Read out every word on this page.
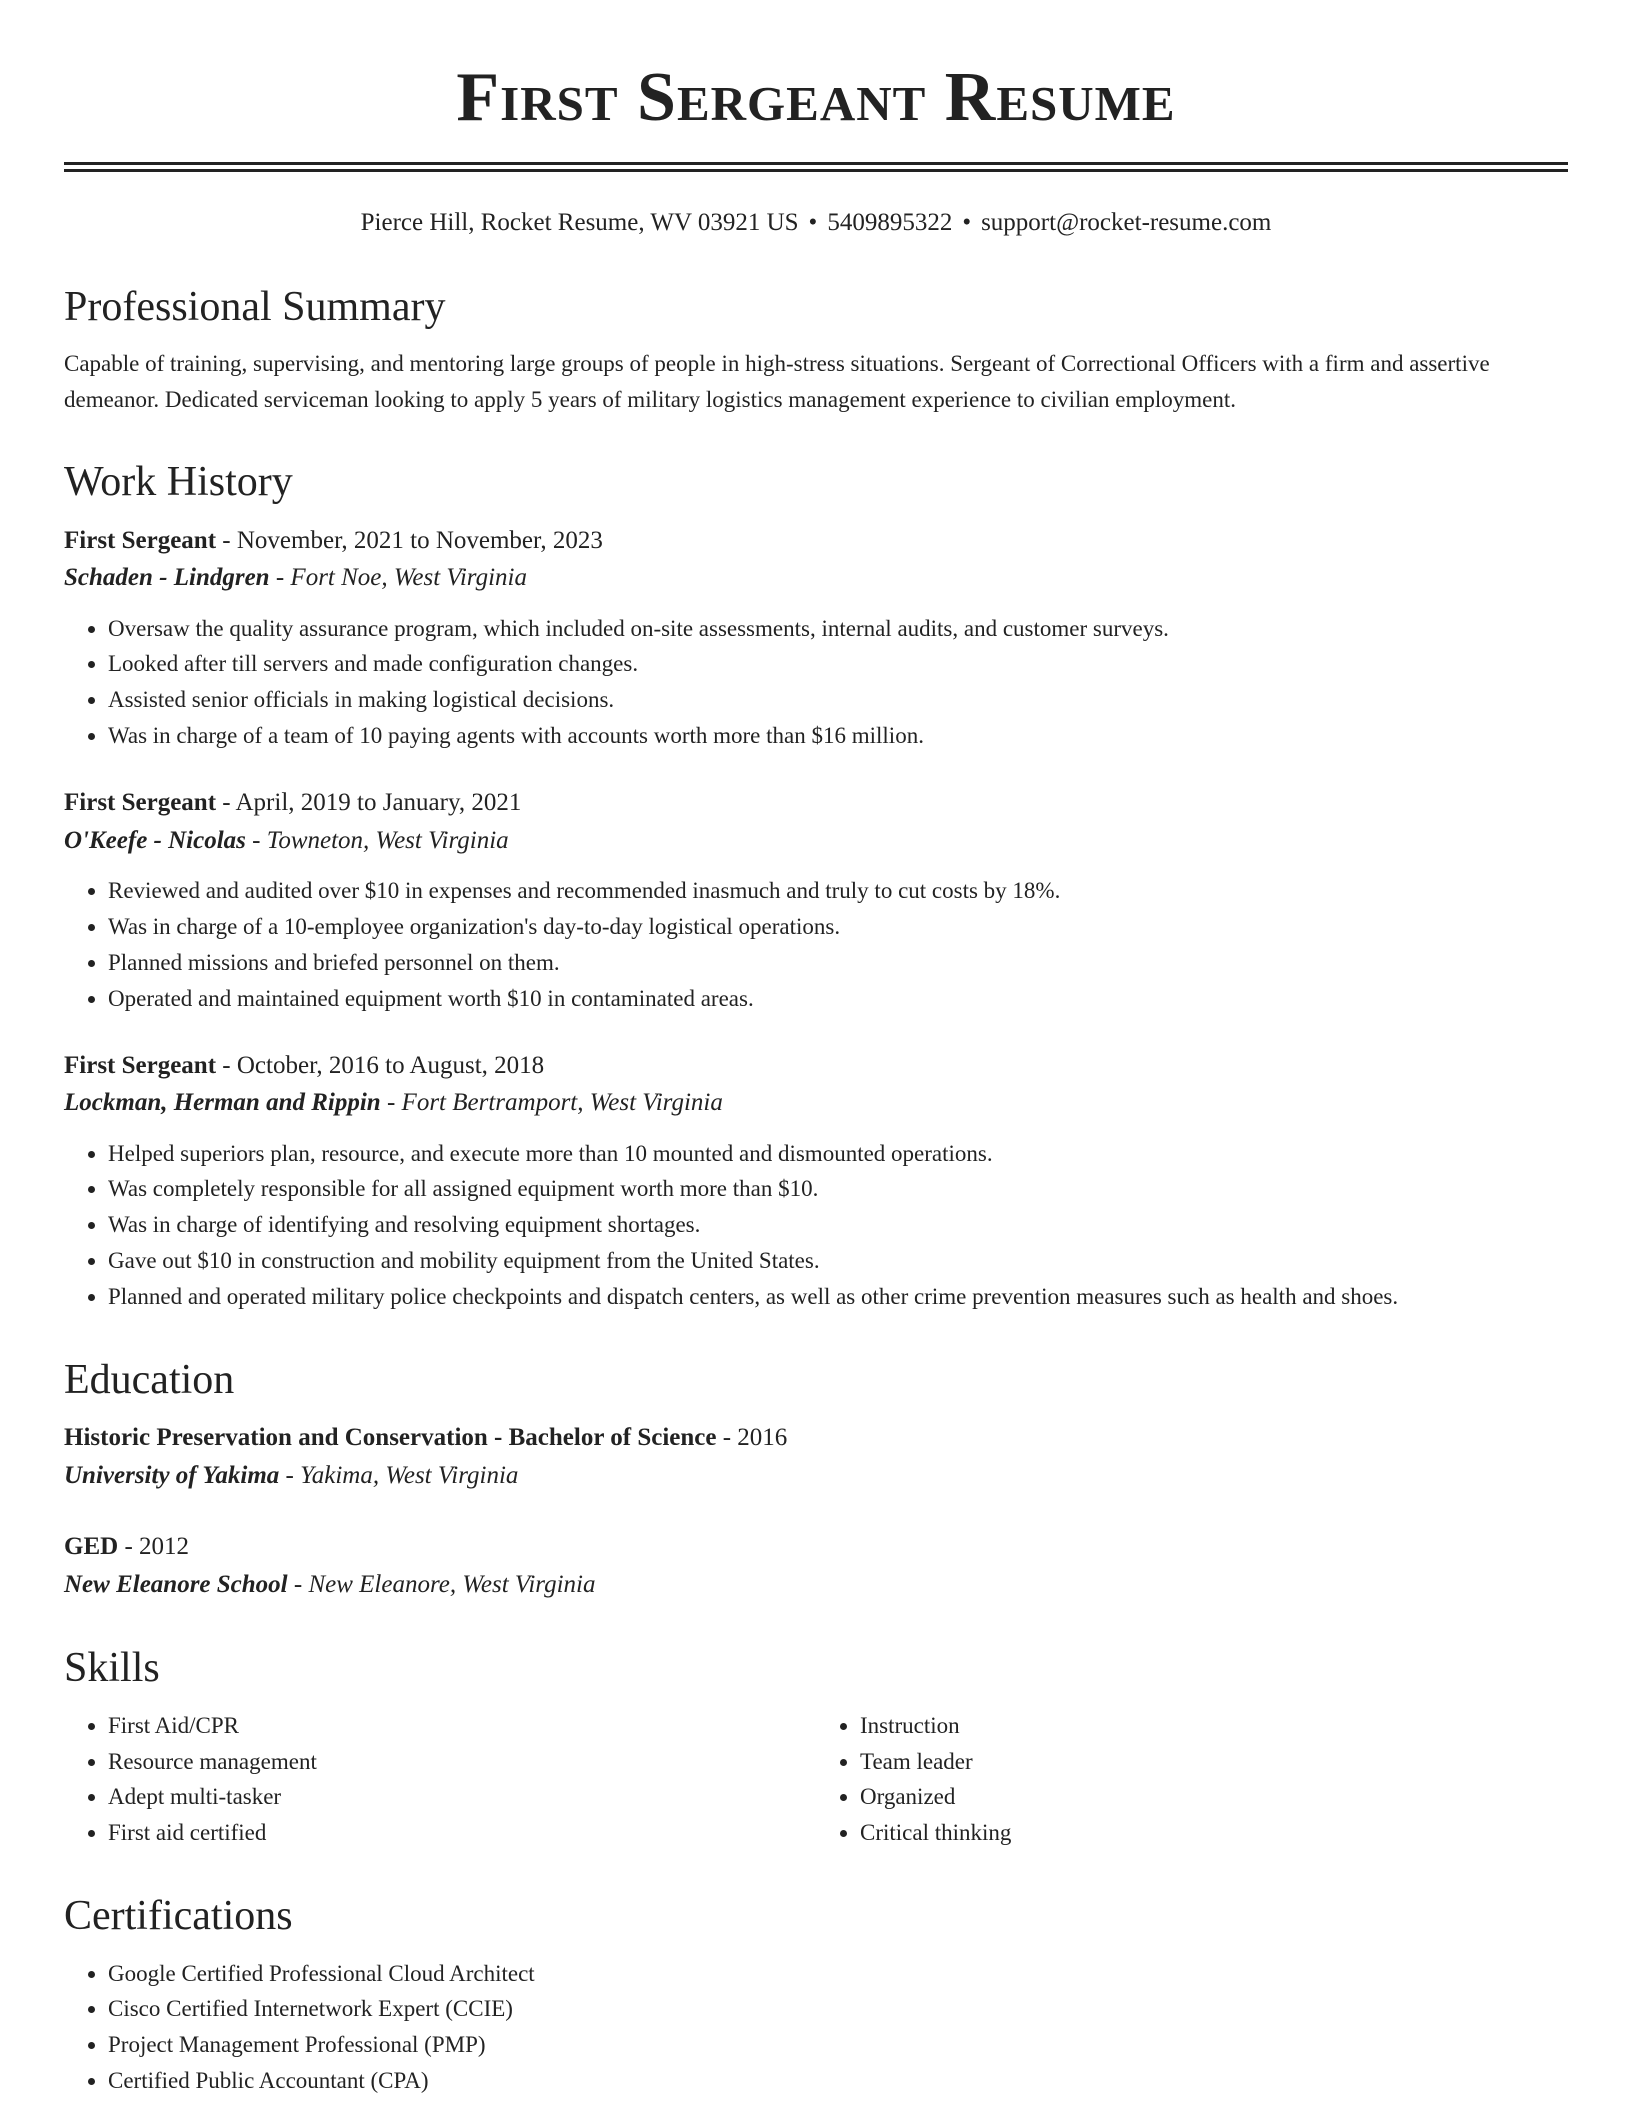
First Sergeant Resume
Pierce Hill, Rocket Resume, WV 03921 US • 5409895322 • support@rocket-resume.com
Professional Summary

Capable of training, supervising, and mentoring large groups of people in high-stress situations. Sergeant of Correctional Officers with a firm and assertive demeanor. Dedicated serviceman looking to apply 5 years of military logistics management experience to civilian employment.

Work History
First Sergeant - November, 2021 to November, 2023
Schaden - Lindgren - Fort Noe, West Virginia
• Oversaw the quality assurance program, which included on-site assessments, internal audits, and customer surveys.
• Looked after till servers and made configuration changes.
• Assisted senior officials in making logistical decisions.
• Was in charge of a team of 10 paying agents with accounts worth more than $16 million.
First Sergeant - April, 2019 to January, 2021
O'Keefe - Nicolas - Towneton, West Virginia
• Reviewed and audited over $10 in expenses and recommended inasmuch and truly to cut costs by 18%.
• Was in charge of a 10-employee organization's day-to-day logistical operations.
• Planned missions and briefed personnel on them.
• Operated and maintained equipment worth $10 in contaminated areas.
First Sergeant - October, 2016 to August, 2018
Lockman, Herman and Rippin - Fort Bertramport, West Virginia
• Helped superiors plan, resource, and execute more than 10 mounted and dismounted operations.
• Was completely responsible for all assigned equipment worth more than $10.
• Was in charge of identifying and resolving equipment shortages.
• Gave out $10 in construction and mobility equipment from the United States.
• Planned and operated military police checkpoints and dispatch centers, as well as other crime prevention measures such as health and shoes.
Education
Historic Preservation and Conservation - Bachelor of Science - 2016
University of Yakima - Yakima, West Virginia
GED - 2012
New Eleanore School - New Eleanore, West Virginia
Skills
• First Aid/CPR
• Resource management
• Adept multi-tasker
• First aid certified
• Instruction
• Team leader
• Organized
• Critical thinking
Certifications
• Google Certified Professional Cloud Architect
• Cisco Certified Internetwork Expert (CCIE)
• Project Management Professional (PMP)
• Certified Public Accountant (CPA)
